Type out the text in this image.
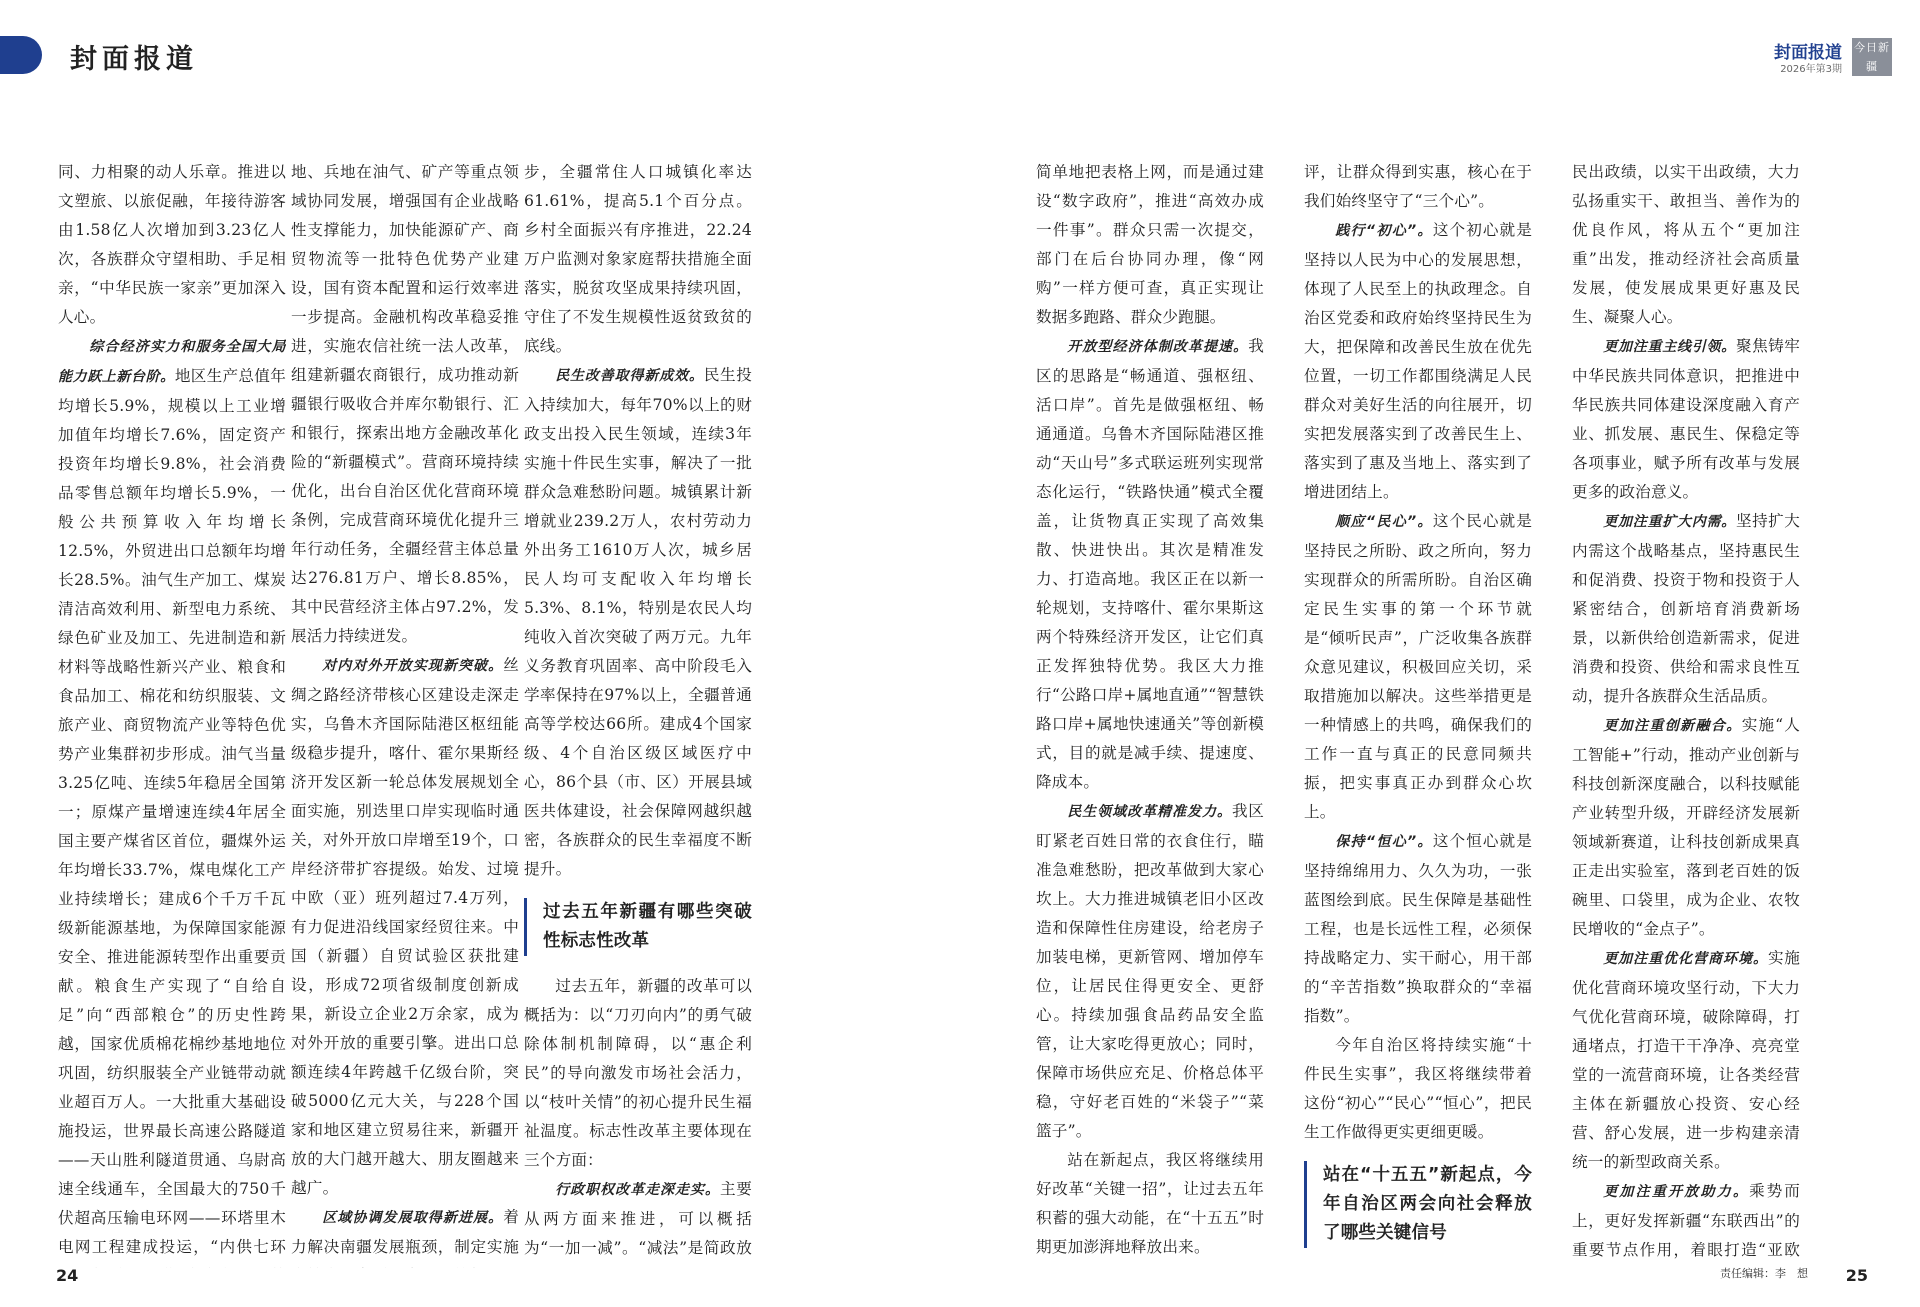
封面报道

同、力相聚的动人乐章。推进以文塑旅、以旅促融，年接待游客由1.58亿人次增加到3.23亿人次，各族群众守望相助、手足相亲，“中华民族一家亲”更加深入人心。

综合经济实力和服务全国大局能力跃上新台阶。地区生产总值年均增长5.9%，规模以上工业增加值年均增长7.6%，固定资产投资年均增长9.8%，社会消费品零售总额年均增长5.9%，一般公共预算收入年均增长12.5%，外贸进出口总额年均增长28.5%。油气生产加工、煤炭清洁高效利用、新型电力系统、绿色矿业及加工、先进制造和新材料等战略性新兴产业、粮食和食品加工、棉花和纺织服装、文旅产业、商贸物流产业等特色优势产业集群初步形成。油气当量3.25亿吨、连续5年稳居全国第一；原煤产量增速连续4年居全国主要产煤省区首位，疆煤外运年均增长33.7%，煤电煤化工产业持续增长；建成6个千万千瓦级新能源基地，为保障国家能源安全、推进能源转型作出重要贡献。粮食生产实现了“自给自足”向“西部粮仓”的历史性跨越，国家优质棉花棉纱基地地位巩固，纺织服装全产业链带动就业超百万人。一大批重大基础设施投运，世界最长高速公路隧道——天山胜利隧道贯通、乌尉高速全线通车，全国最大的750千伏超高压输电环网——环塔里木电网工程建成投运，“内供七环

地、兵地在油气、矿产等重点领域协同发展，增强国有企业战略性支撑能力，加快能源矿产、商贸物流等一批特色优势产业建设，国有资本配置和运行效率进一步提高。金融机构改革稳妥推进，实施农信社统一法人改革，组建新疆农商银行，成功推动新疆银行吸收合并库尔勒银行、汇和银行，探索出地方金融改革化险的“新疆模式”。营商环境持续优化，出台自治区优化营商环境条例，完成营商环境优化提升三年行动任务，全疆经营主体总量达276.81万户、增长8.85%，其中民营经济主体占97.2%，发展活力持续迸发。

对内对外开放实现新突破。丝绸之路经济带核心区建设走深走实，乌鲁木齐国际陆港区枢纽能级稳步提升，喀什、霍尔果斯经济开发区新一轮总体发展规划全面实施，别迭里口岸实现临时通关，对外开放口岸增至19个，口岸经济带扩容提级。始发、过境中欧（亚）班列超过7.4万列，有力促进沿线国家经贸往来。中国（新疆）自贸试验区获批建设，形成72项省级制度创新成果，新设立企业2万余家，成为对外开放的重要引擎。进出口总额连续4年跨越千亿级台阶，突破5000亿元大关，与228个国家和地区建立贸易往来，新疆开放的大门越开越大、朋友圈越来越广。

区域协调发展取得新进展。着力解决南疆发展瓶颈，制定实施

步，全疆常住人口城镇化率达61.61%，提高5.1个百分点。乡村全面振兴有序推进，22.24万户监测对象家庭帮扶措施全面落实，脱贫攻坚成果持续巩固，守住了不发生规模性返贫致贫的底线。

民生改善取得新成效。民生投入持续加大，每年70%以上的财政支出投入民生领域，连续3年实施十件民生实事，解决了一批群众急难愁盼问题。城镇累计新增就业239.2万人，农村劳动力外出务工1610万人次，城乡居民人均可支配收入年均增长5.3%、8.1%，特别是农民人均纯收入首次突破了两万元。九年义务教育巩固率、高中阶段毛入学率保持在97%以上，全疆普通高等学校达66所。建成4个国家级、4个自治区级区域医疗中心，86个县（市、区）开展县域医共体建设，社会保障网越织越密，各族群众的民生幸福度不断提升。

过去五年新疆有哪些突破性标志性改革

过去五年，新疆的改革可以概括为：以“刀刃向内”的勇气破除体制机制障碍，以“惠企利民”的导向激发市场社会活力，以“枝叶关情”的初心提升民生福祉温度。标志性改革主要体现在三个方面：

行政职权改革走深走实。主要从两方面来推进，可以概括为“一加一减”。“减法”是简政放

24
封面报道
2026年第3期
今日新疆

简单地把表格上网，而是通过建设“数字政府”，推进“高效办成一件事”。群众只需一次提交，部门在后台协同办理，像“网购”一样方便可查，真正实现让数据多跑路、群众少跑腿。

开放型经济体制改革提速。我区的思路是“畅通道、强枢纽、活口岸”。首先是做强枢纽、畅通通道。乌鲁木齐国际陆港区推动“天山号”多式联运班列实现常态化运行，“铁路快通”模式全覆盖，让货物真正实现了高效集散、快进快出。其次是精准发力、打造高地。我区正在以新一轮规划，支持喀什、霍尔果斯这两个特殊经济开发区，让它们真正发挥独特优势。我区大力推行“公路口岸+属地直通”“智慧铁路口岸+属地快速通关”等创新模式，目的就是减手续、提速度、降成本。

民生领域改革精准发力。我区盯紧老百姓日常的衣食住行，瞄准急难愁盼，把改革做到大家心坎上。大力推进城镇老旧小区改造和保障性住房建设，给老房子加装电梯，更新管网、增加停车位，让居民住得更安全、更舒心。持续加强食品药品安全监管，让大家吃得更放心；同时，保障市场供应充足、价格总体平稳，守好老百姓的“米袋子”“菜篮子”。

站在新起点，我区将继续用好改革“关键一招”，让过去五年积蓄的强大动能，在“十五五”时期更加澎湃地释放出来。

评，让群众得到实惠，核心在于我们始终坚守了“三个心”。

践行“初心”。这个初心就是坚持以人民为中心的发展思想，体现了人民至上的执政理念。自治区党委和政府始终坚持民生为大，把保障和改善民生放在优先位置，一切工作都围绕满足人民群众对美好生活的向往展开，切实把发展落实到了改善民生上、落实到了惠及当地上、落实到了增进团结上。

顺应“民心”。这个民心就是坚持民之所盼、政之所向，努力实现群众的所需所盼。自治区确定民生实事的第一个环节就是“倾听民声”，广泛收集各族群众意见建议，积极回应关切，采取措施加以解决。这些举措更是一种情感上的共鸣，确保我们的工作一直与真正的民意同频共振，把实事真正办到群众心坎上。

保持“恒心”。这个恒心就是坚持绵绵用力、久久为功，一张蓝图绘到底。民生保障是基础性工程，也是长远性工程，必须保持战略定力、实干耐心，用干部的“辛苦指数”换取群众的“幸福指数”。

今年自治区将持续实施“十件民生实事”，我区将继续带着这份“初心”“民心”“恒心”，把民生工作做得更实更细更暖。

站在“十五五”新起点，今年自治区两会向社会释放了哪些关键信号

民出政绩，以实干出政绩，大力弘扬重实干、敢担当、善作为的优良作风，将从五个“更加注重”出发，推动经济社会高质量发展，使发展成果更好惠及民生、凝聚人心。

更加注重主线引领。聚焦铸牢中华民族共同体意识，把推进中华民族共同体建设深度融入育产业、抓发展、惠民生、保稳定等各项事业，赋予所有改革与发展更多的政治意义。

更加注重扩大内需。坚持扩大内需这个战略基点，坚持惠民生和促消费、投资于物和投资于人紧密结合，创新培育消费新场景，以新供给创造新需求，促进消费和投资、供给和需求良性互动，提升各族群众生活品质。

更加注重创新融合。实施“人工智能+”行动，推动产业创新与科技创新深度融合，以科技赋能产业转型升级，开辟经济发展新领域新赛道，让科技创新成果真正走出实验室，落到老百姓的饭碗里、口袋里，成为企业、农牧民增收的“金点子”。

更加注重优化营商环境。实施优化营商环境攻坚行动，下大力气优化营商环境，破除障碍，打通堵点，打造干干净净、亮亮堂堂的一流营商环境，让各类经营主体在新疆放心投资、安心经营、舒心发展，进一步构建亲清统一的新型政商关系。

更加注重开放助力。乘势而上，更好发挥新疆“东联西出”的重要节点作用，着眼打造“亚欧

责任编辑：李　想 25
